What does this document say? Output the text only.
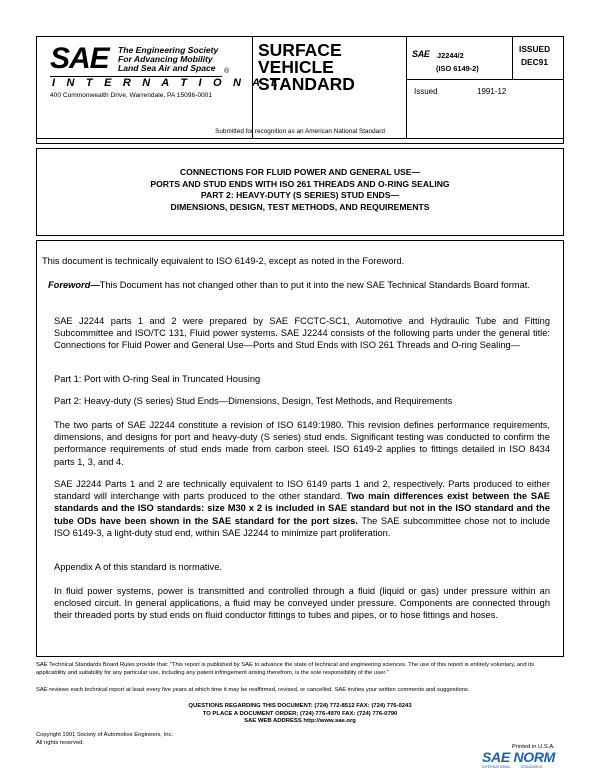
SAE The Engineering Society
For Advancing Mobility
Land Sea Air and Space	®
I N T E R N A T I O N A L
400 Commonwealth Drive, Warrendale, PA 15096-0001
SURFACE
VEHICLE
STANDARD
SAE J2244/2
(ISO 6149-2)
ISSUED
DEC91
Issued	1991-12
Submitted for recognition as an American National Standard
CONNECTIONS FOR FLUID POWER AND GENERAL USE—
PORTS AND STUD ENDS WITH ISO 261 THREADS AND O-RING SEALING
PART 2: HEAVY-DUTY (S SERIES) STUD ENDS—
DIMENSIONS, DESIGN, TEST METHODS, AND REQUIREMENTS
This document is technically equivalent to ISO 6149-2, except as noted in the Foreword.
Foreword—This Document has not changed other than to put it into the new SAE Technical Standards Board format.
SAE J2244 parts 1 and 2 were prepared by SAE FCCTC-SC1, Automotive and Hydraulic Tube and Fitting Subcommittee and ISO/TC 131, Fluid power systems. SAE J2244 consists of the following parts under the general title: Connections for Fluid Power and General Use—Ports and Stud Ends with ISO 261 Threads and O-ring Sealing—
Part 1: Port with O-ring Seal in Truncated Housing
Part 2: Heavy-duty (S series) Stud Ends—Dimensions, Design, Test Methods, and Requirements
The two parts of SAE J2244 constitute a revision of ISO 6149:1980. This revision defines performance requirements, dimensions, and designs for port and heavy-duty (S series) stud ends. Significant testing was conducted to confirm the performance requirements of stud ends made from carbon steel. ISO 6149-2 applies to fittings detailed in ISO 8434 parts 1, 3, and 4.
SAE J2244 Parts 1 and 2 are technically equivalent to ISO 6149 parts 1 and 2, respectively. Parts produced to either standard will interchange with parts produced to the other standard. Two main differences exist between the SAE standards and the ISO standards: size M30 x 2 is included in SAE standard but not in the ISO standard and the tube ODs have been shown in the SAE standard for the port sizes. The SAE subcommittee chose not to include ISO 6149-3, a light-duty stud end, within SAE J2244 to minimize part proliferation.
Appendix A of this standard is normative.
In fluid power systems, power is transmitted and controlled through a fluid (liquid or gas) under pressure within an enclosed circuit. In general applications, a fluid may be conveyed under pressure. Components are connected through their threaded ports by stud ends on fluid conductor fittings to tubes and pipes, or to hose fittings and hoses.
SAE Technical Standards Board Rules provide that: "This report is published by SAE to advance the state of technical and engineering sciences. The use of this report is entirely voluntary, and its applicability and suitability for any particular use, including any patent infringement arising therefrom, is the sole responsibility of the user."
SAE reviews each technical report at least every five years at which time it may be reaffirmed, revised, or cancelled. SAE invites your written comments and suggestions.
QUESTIONS REGARDING THIS DOCUMENT: (724) 772-8512 FAX: (724) 776-0243
TO PLACE A DOCUMENT ORDER; (724) 776-4970 FAX: (724) 776-0790
SAE WEB ADDRESS http://www.sae.org
Copyright 1991 Society of Automotive Engineers, Inc.
All rights reserved.
Printed in U.S.A.
SAE NORM
INTERNATIONAL          STANDARDS
